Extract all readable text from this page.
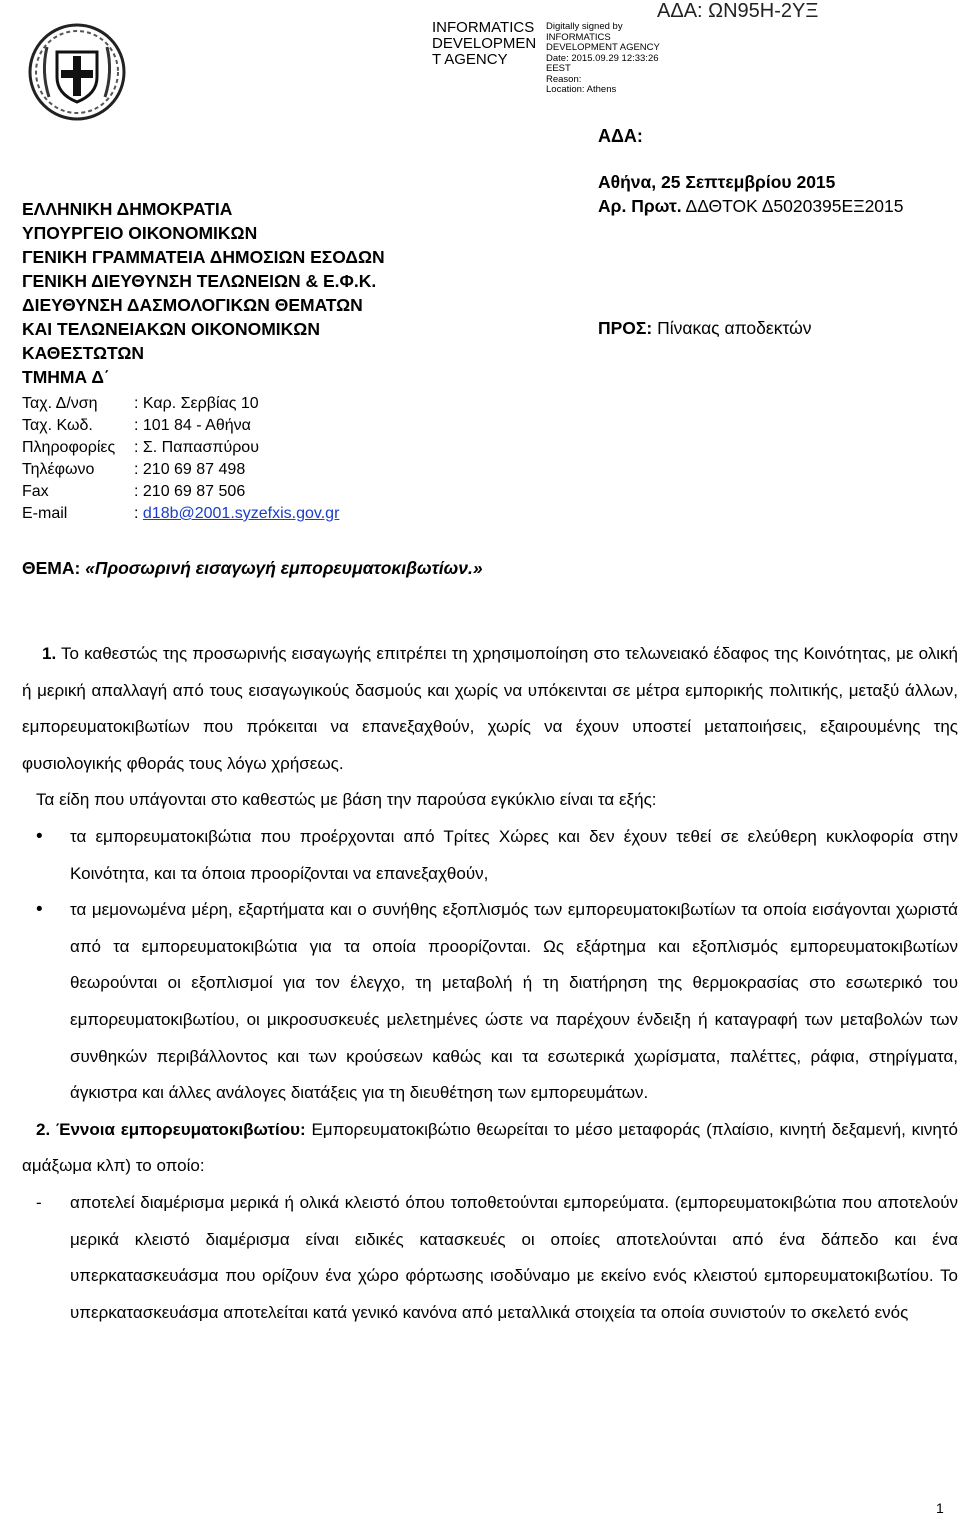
INFORMATICS
DEVELOPMEN
T AGENCY
Digitally signed by
INFORMATICS
DEVELOPMENT AGENCY
Date: 2015.09.29 12:33:26
EEST
Reason:
Location: Athens
ΑΔΑ: ΩΝ95Η-2ΥΞ
ΑΔΑ:
ΕΛΛΗΝΙΚΗ ΔΗΜΟΚΡΑΤΙΑ
ΥΠΟΥΡΓΕΙΟ ΟΙΚΟΝΟΜΙΚΩΝ
ΓΕΝΙΚΗ ΓΡΑΜΜΑΤΕΙΑ ΔΗΜΟΣΙΩΝ ΕΣΟΔΩΝ
ΓΕΝΙΚΗ ΔΙΕΥΘΥΝΣΗ ΤΕΛΩΝΕΙΩΝ & Ε.Φ.Κ.
ΔΙΕΥΘΥΝΣΗ ΔΑΣΜΟΛΟΓΙΚΩΝ ΘΕΜΑΤΩΝ
ΚΑΙ ΤΕΛΩΝΕΙΑΚΩΝ ΟΙΚΟΝΟΜΙΚΩΝ
ΚΑΘΕΣΤΩΤΩΝ
ΤΜΗΜΑ Δ΄
Ταχ. Δ/νση : Καρ. Σερβίας 10
Ταχ. Κωδ.	: 101 84 - Αθήνα
Πληροφορίες : Σ. Παπασπύρου
Τηλέφωνο : 210 69 87 498
Fax	: 210 69 87 506
E-mail	: d18b@2001.syzefxis.gov.gr
Αθήνα, 25 Σεπτεμβρίου 2015
Αρ. Πρωτ. ΔΔΘΤΟΚ Δ5020395ΕΞ2015
ΠΡΟΣ: Πίνακας αποδεκτών
ΘΕΜΑ: «Προσωρινή εισαγωγή εμπορευματοκιβωτίων.»

1. Το καθεστώς της προσωρινής εισαγωγής επιτρέπει τη χρησιμοποίηση στο τελωνειακό έδαφος της Κοινότητας, με ολική ή μερική απαλλαγή από τους εισαγωγικούς δασμούς και χωρίς να υπόκεινται σε μέτρα εμπορικής πολιτικής, μεταξύ άλλων, εμπορευματοκιβωτίων που πρόκειται να επανεξαχθούν, χωρίς να έχουν υποστεί μεταποιήσεις, εξαιρουμένης της φυσιολογικής φθοράς τους λόγω χρήσεως.

Τα είδη που υπάγονται στο καθεστώς με βάση την παρούσα εγκύκλιο είναι τα εξής:

• τα εμπορευματοκιβώτια που προέρχονται από Τρίτες Χώρες και δεν έχουν τεθεί σε ελεύθερη κυκλοφορία στην Κοινότητα, και τα όποια προορίζονται να επανεξαχθούν,

• τα μεμονωμένα μέρη, εξαρτήματα και ο συνήθης εξοπλισμός των εμπορευματοκιβωτίων τα οποία εισάγονται χωριστά από τα εμπορευματοκιβώτια για τα οποία προορίζονται. Ως εξάρτημα και εξοπλισμός εμπορευματοκιβωτίων θεωρούνται οι εξοπλισμοί για τον έλεγχο, τη μεταβολή ή τη διατήρηση της θερμοκρασίας στο εσωτερικό του εμπορευματοκιβωτίου, οι μικροσυσκευές μελετημένες ώστε να παρέχουν ένδειξη ή καταγραφή των μεταβολών των συνθηκών περιβάλλοντος και των κρούσεων καθώς και τα εσωτερικά χωρίσματα, παλέττες, ράφια, στηρίγματα, άγκιστρα και άλλες ανάλογες διατάξεις για τη διευθέτηση των εμπορευμάτων.

2. Έννοια εμπορευματοκιβωτίου: Εμπορευματοκιβώτιο θεωρείται το μέσο μεταφοράς (πλαίσιο, κινητή δεξαμενή, κινητό αμάξωμα κλπ) το οποίο:

- αποτελεί διαμέρισμα μερικά ή ολικά κλειστό όπου τοποθετούνται εμπορεύματα. (εμπορευματοκιβώτια που αποτελούν μερικά κλειστό διαμέρισμα είναι ειδικές κατασκευές οι οποίες αποτελούνται από ένα δάπεδο και ένα υπερκατασκευάσμα που ορίζουν ένα χώρο φόρτωσης ισοδύναμο με εκείνο ενός κλειστού εμπορευματοκιβωτίου. Το υπερκατασκευάσμα αποτελείται κατά γενικό κανόνα από μεταλλικά στοιχεία τα οποία συνιστούν το σκελετό ενός

1
